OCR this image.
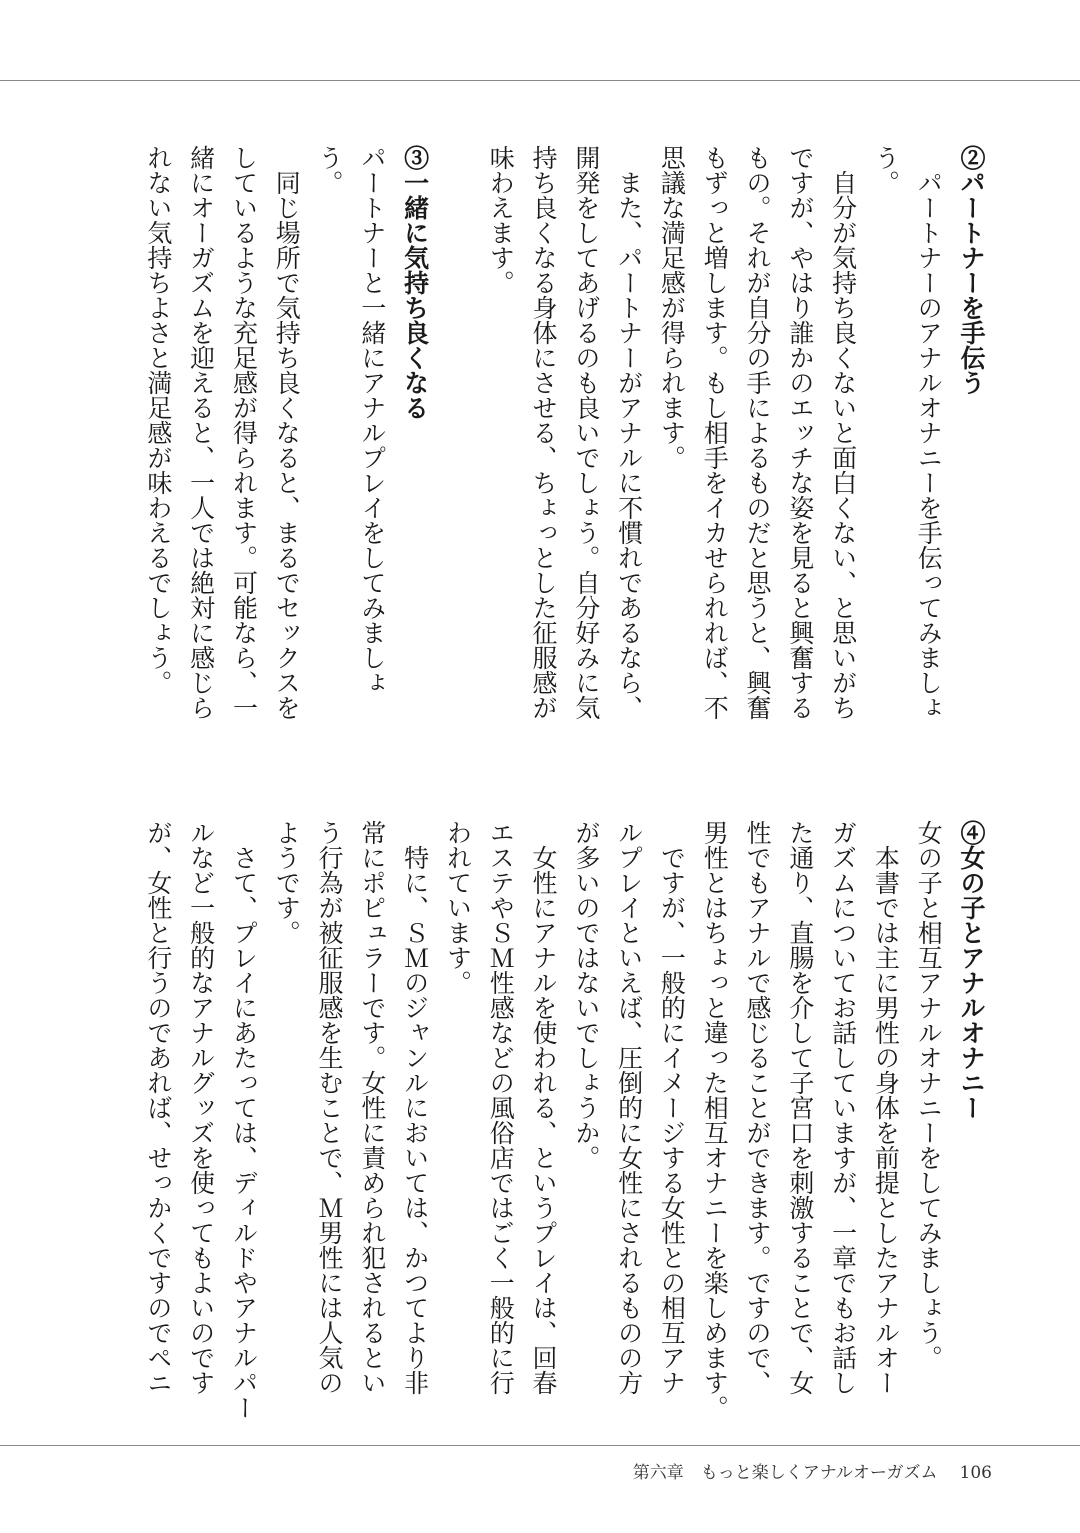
②パートナーを手伝う
　パートナーのアナルオナニーを手伝ってみましょ
う。
　自分が気持ち良くないと面白くない、と思いがち
ですが、やはり誰かのエッチな姿を見ると興奮する
もの。それが自分の手によるものだと思うと、興奮
もずっと増します。もし相手をイカせられれば、不
思議な満足感が得られます。
　また、パートナーがアナルに不慣れであるなら、
開発をしてあげるのも良いでしょう。自分好みに気
持ち良くなる身体にさせる、ちょっとした征服感が
味わえます。
③一緒に気持ち良くなる
パートナーと一緒にアナルプレイをしてみましょ
う。
　同じ場所で気持ち良くなると、まるでセックスを
しているような充足感が得られます。可能なら、一
緒にオーガズムを迎えると、一人では絶対に感じら
れない気持ちよさと満足感が味わえるでしょう。
④女の子とアナルオナニー
女の子と相互アナルオナニーをしてみましょう。
　本書では主に男性の身体を前提としたアナルオー
ガズムについてお話していますが、一章でもお話し
た通り、直腸を介して子宮口を刺激することで、女
性でもアナルで感じることができます。ですので、
男性とはちょっと違った相互オナニーを楽しめます。
　ですが、一般的にイメージする女性との相互アナ
ルプレイといえば、圧倒的に女性にされるものの方
が多いのではないでしょうか。
　女性にアナルを使われる、というプレイは、回春
エステやＳＭ性感などの風俗店ではごく一般的に行
われています。
　特に、ＳＭのジャンルにおいては、かつてより非
常にポピュラーです。女性に責められ犯されるとい
う行為が被征服感を生むことで、Ｍ男性には人気の
ようです。
　さて、プレイにあたっては、ディルドやアナルパー
ルなど一般的なアナルグッズを使ってもよいのです
が、女性と行うのであれば、せっかくですのでペニ
第六章　もっと楽しくアナルオーガズム 106
